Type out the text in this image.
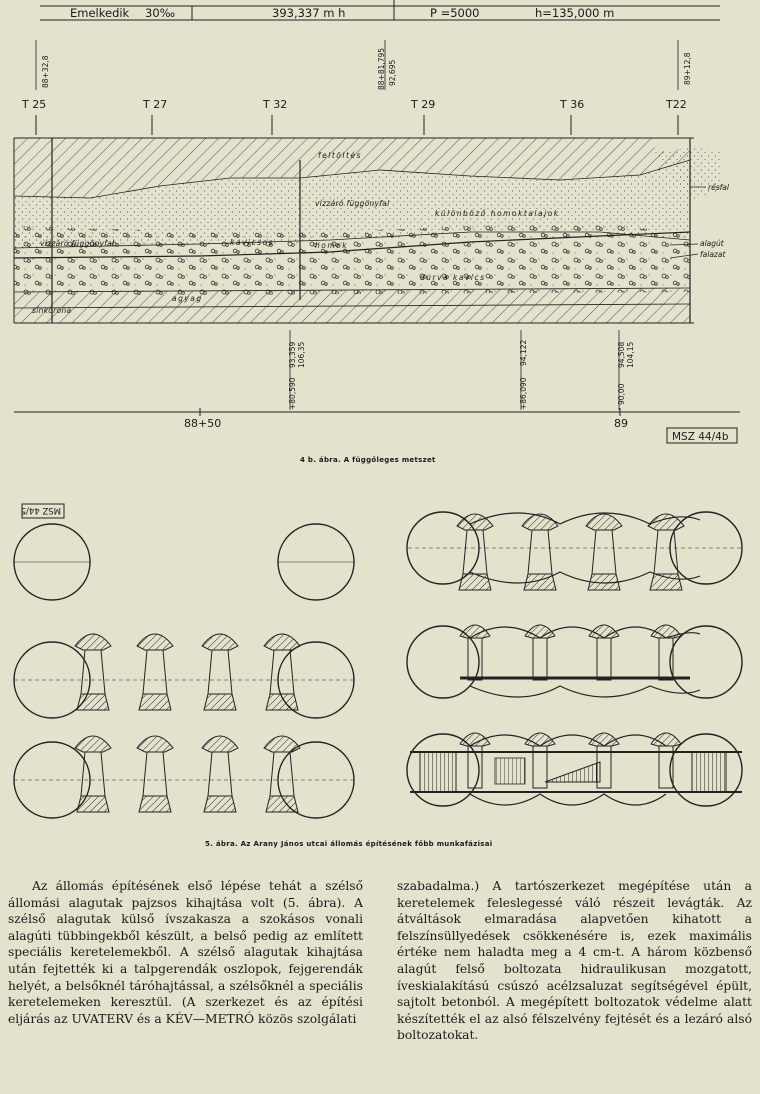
Emelkedik 30‰	393,337 m h	P =5000	h=135,000 m
88+32,8	88+81,795 92,695	89+12,8
T 25	T 27	T 32	T 29	T 36	T22
feltöltés
vízzáró függönyfal
különböző homoktalajok
vízzáró függönyfal	kavicsos	homok
durva kavics
agyag
sínkorona
résfal
alagút
falazat
+80,590
93,359 106,35
+86,090
94,122
90,00
94,508 104,15
88+50	89
MSZ 44/4b
4 b. ábra. A függőleges metszet
MSZ 44/5
5. ábra. Az Arany János utcai állomás építésének főbb munkafázisai

Az állomás építésének első lépése tehát a szélső állomási alagutak pajzsos kihajtása volt (5. ábra). A szélső alagutak külső ívszakasza a szokásos vonali alagúti tübbingekből készült, a belső pedig az említett speciális keretelemekből. A szélső alagutak kihajtása után fejtették ki a talpgerendák oszlopok, fejgerendák helyét, a belsőknél táróhajtással, a szélsőknél a speciális keretelemeken keresztül. (A szerkezet és az építési eljárás az UVATERV és a KÉV—METRÓ közös szolgálati

szabadalma.) A tartószerkezet megépítése után a keretelemek feleslegessé váló részeit levágták. Az átváltások elmaradása alapvetően kihatott a felszínsüllyedések csökkenésére is, ezek maximális értéke nem haladta meg a 4 cm-t. A három közbenső alagút felső boltozata hidraulikusan mozgatott, íveskialakítású csúszó acélzsaluzat segítségével épült, sajtolt betonból. A megépített boltozatok védelme alatt készítették el az alsó félszelvény fejtését és a lezáró alsó boltozatokat.
